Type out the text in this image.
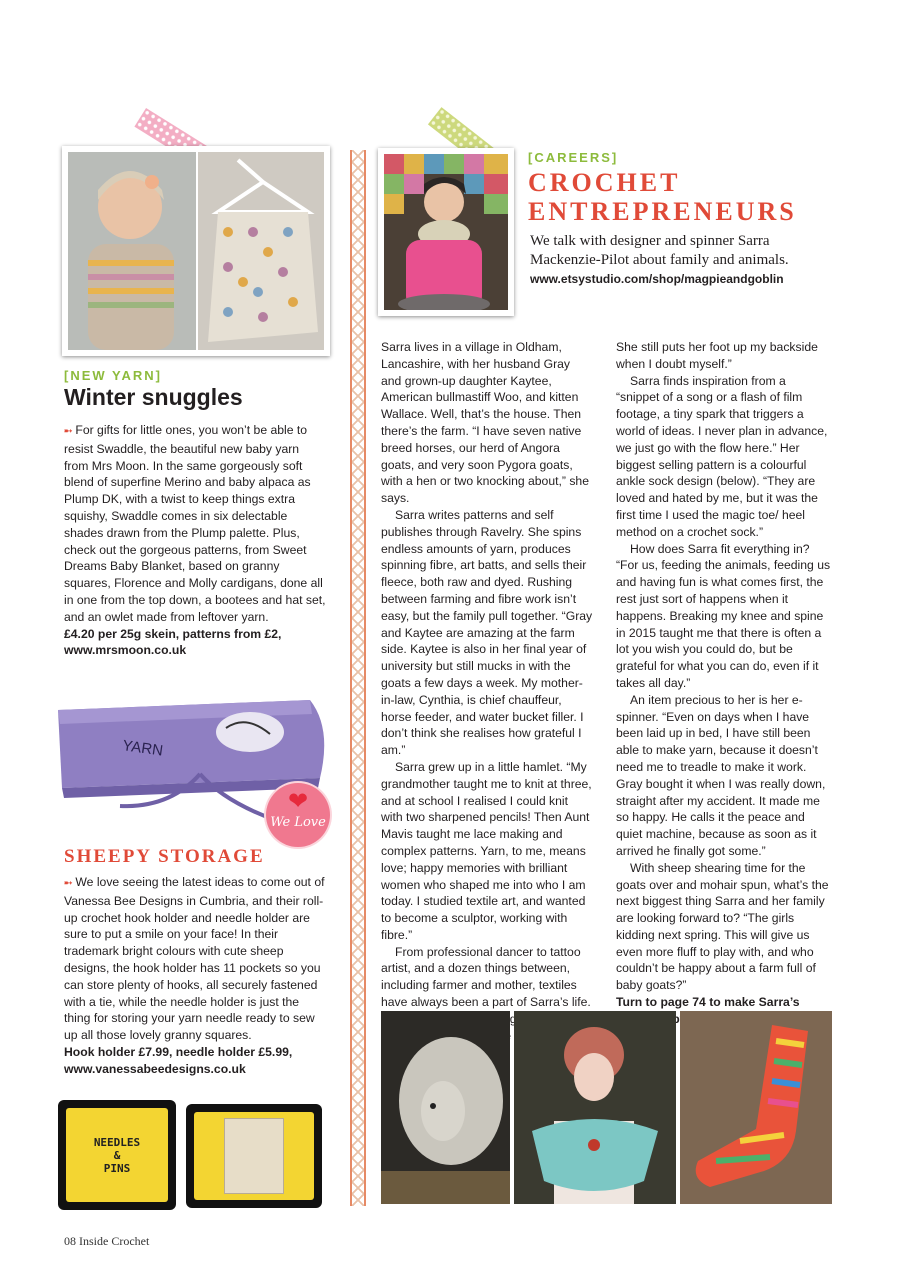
[NEW YARN]
Winter snuggles

➸ For gifts for little ones, you won’t be able to resist Swaddle, the beautiful new baby yarn from Mrs Moon. In the same gorgeously soft blend of superfine Merino and baby alpaca as Plump DK, with a twist to keep things extra squishy, Swaddle comes in six delectable shades drawn from the Plump palette. Plus, check out the gorgeous patterns, from Sweet Dreams Baby Blanket, based on granny squares, Florence and Molly cardigans, done all in one from the top down, a bootees and hat set, and an owlet made from leftover yarn.

£4.20 per 25g skein, patterns from £2,

www.mrsmoon.co.uk

YARN
❤
We Love
SHEEPY STORAGE

➸ We love seeing the latest ideas to come out of Vanessa Bee Designs in Cumbria, and their roll-up crochet hook holder and needle holder are sure to put a smile on your face! In their trademark bright colours with cute sheep designs, the hook holder has 11 pockets so you can store plenty of hooks, all securely fastened with a tie, while the needle holder is just the thing for storing your yarn needle ready to sew up all those lovely granny squares.

Hook holder £7.99, needle holder £5.99,

www.vanessabeedesigns.co.uk

NEEDLES
&
PINS
[CAREERS]
CROCHET
ENTREPRENEURS
We talk with designer and spinner Sarra Mackenzie-Pilot about family and animals.
www.etsystudio.com/shop/magpieandgoblin

Sarra lives in a village in Oldham, Lancashire, with her husband Gray and grown-up daughter Kaytee, American bullmastiff Woo, and kitten Wallace. Well, that’s the house. Then there’s the farm. “I have seven native breed horses, our herd of Angora goats, and very soon Pygora goats, with a hen or two knocking about,” she says.

Sarra writes patterns and self publishes through Ravelry. She spins endless amounts of yarn, produces spinning fibre, art batts, and sells their fleece, both raw and dyed. Rushing between farming and fibre work isn’t easy, but the family pull together. “Gray and Kaytee are amazing at the farm side. Kaytee is also in her final year of university but still mucks in with the goats a few days a week. My mother-in-law, Cynthia, is chief chauffeur, horse feeder, and water bucket filler. I don’t think she realises how grateful I am.”

Sarra grew up in a little hamlet. “My grandmother taught me to knit at three, and at school I realised I could knit with two sharpened pencils! Then Aunt Mavis taught me lace making and complex patterns. Yarn, to me, means love; happy memories with brilliant women who shaped me into who I am today. I studied textile art, and wanted to become a sculptor, working with fibre.”

From professional dancer to tattoo artist, and a dozen things between, including farmer and mother, textiles have always been a part of Sarra’s life.

She still puts her foot up my backside when I doubt myself.”

Sarra finds inspiration from a “snippet of a song or a flash of film footage, a tiny spark that triggers a world of ideas. I never plan in advance, we just go with the flow here.” Her biggest selling pattern is a colourful ankle sock design (below). “They are loved and hated by me, but it was the first time I used the magic toe/ heel method on a crochet sock.”

How does Sarra fit everything in? “For us, feeding the animals, feeding us and having fun is what comes first, the rest just sort of happens when it happens. Breaking my knee and spine in 2015 taught me that there is often a lot you wish you could do, but be grateful for what you can do, even if it takes all day.”

An item precious to her is her e-spinner. “Even on days when I have been laid up in bed, I have still been able to make yarn, because it doesn’t need me to treadle to make it work. Gray bought it when I was really down, straight after my accident. It made me so happy. He calls it the peace and quiet machine, because as soon as it arrived he finally got some.”

With sheep shearing time for the goats over and mohair spun, what’s the next biggest thing Sarra and her family are looking forward to? “The girls kidding next spring. This will give us even more fluff to play with, and who couldn’t be happy about a farm full of baby goats?”

Turn to page 74 to make Sarra’s

08 Inside Crochet
